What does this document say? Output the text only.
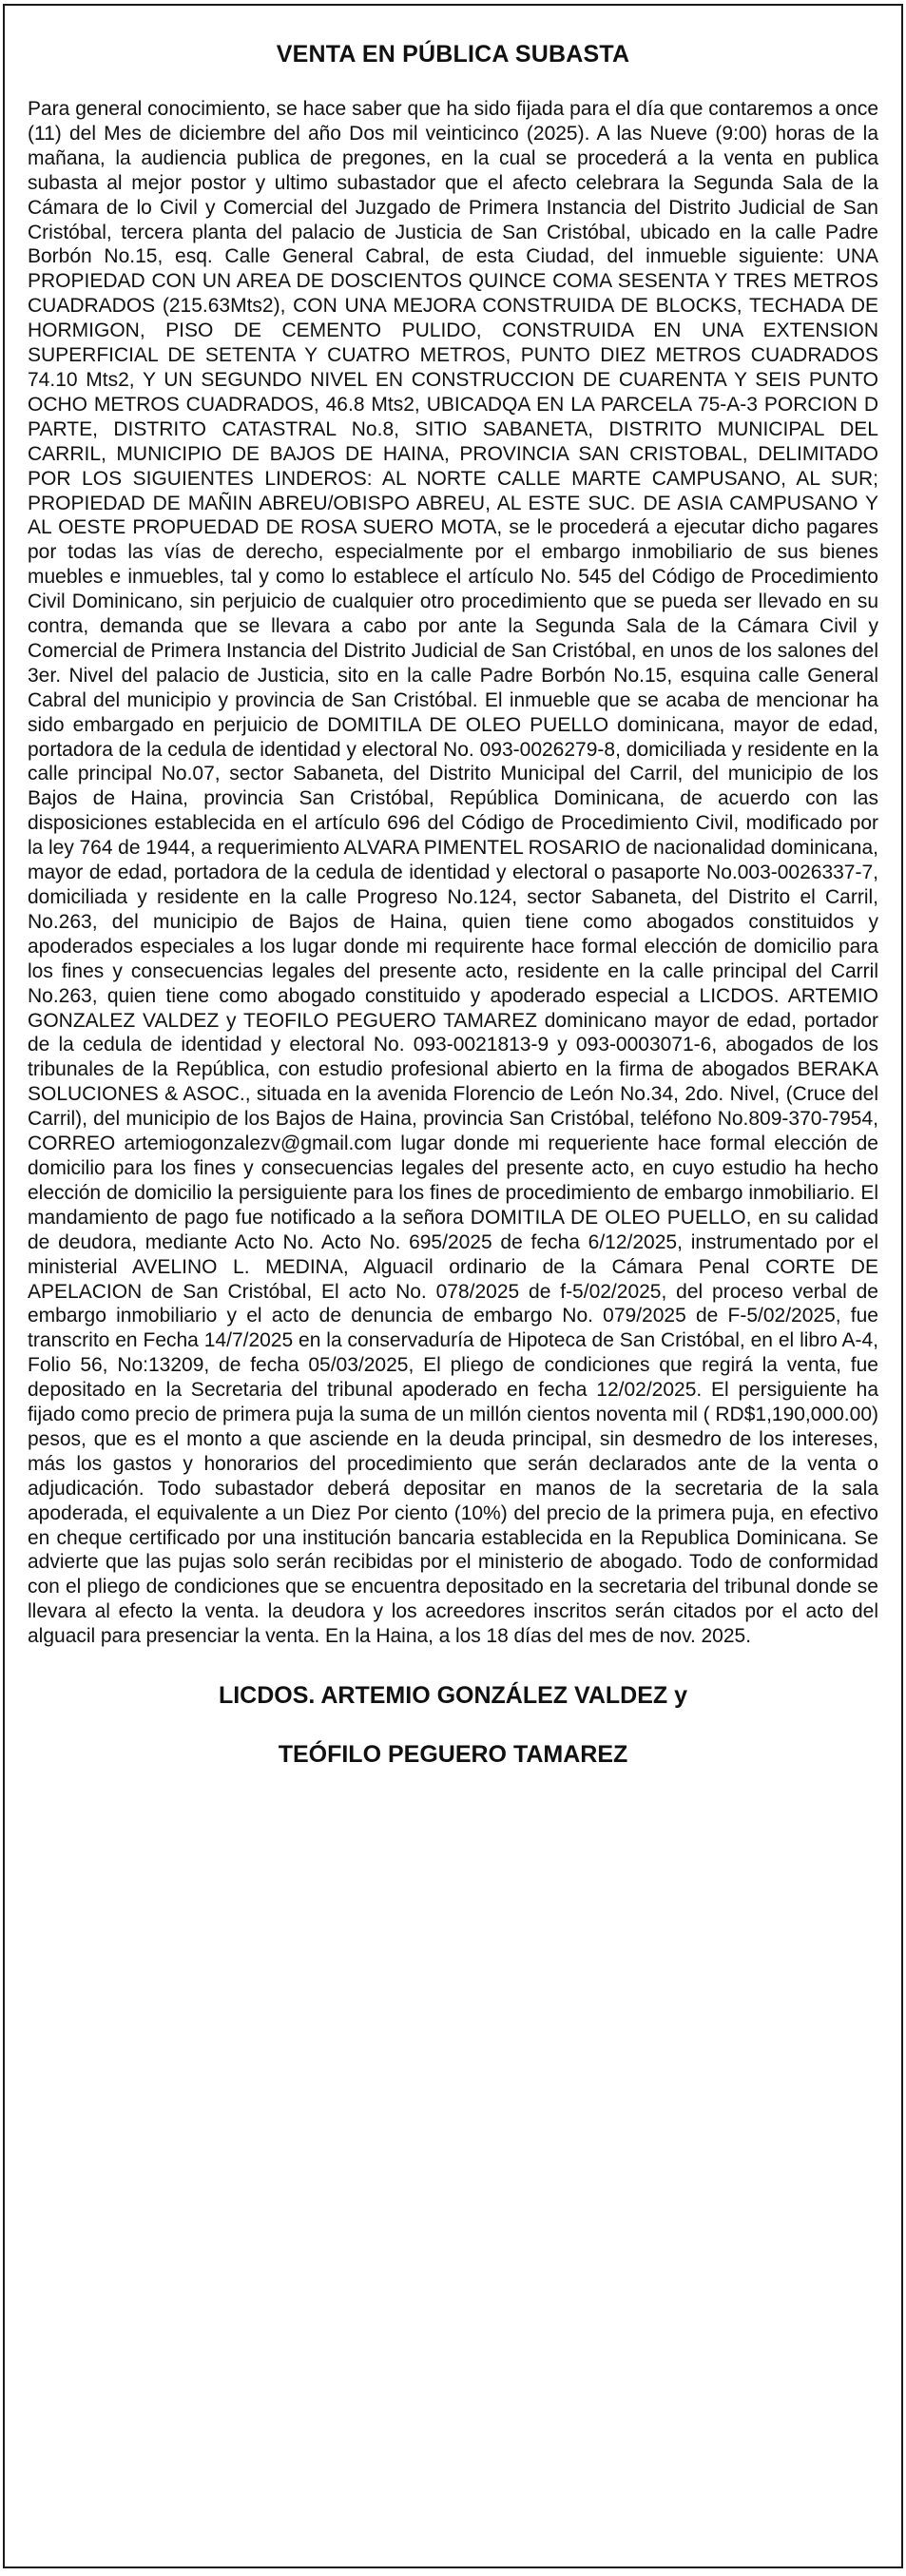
VENTA EN PÚBLICA SUBASTA

Para general conocimiento, se hace saber que ha sido fijada para el día que contaremos a once (11) del Mes de diciembre del año Dos mil veinticinco (2025). A las Nueve (9:00) horas de la mañana, la audiencia publica de pregones, en la cual se procederá a la venta en publica subasta al mejor postor y ultimo subastador que el afecto celebrara la Segunda Sala de la Cámara de lo Civil y Comercial del Juzgado de Primera Instancia del Distrito Judicial de San Cristóbal, tercera planta del palacio de Justicia de San Cristóbal, ubicado en la calle Padre Borbón No.15, esq. Calle General Cabral, de esta Ciudad, del inmueble siguiente: UNA PROPIEDAD CON UN AREA DE DOSCIENTOS QUINCE COMA SESENTA Y TRES METROS CUADRADOS (215.63Mts2), CON UNA MEJORA CONSTRUIDA DE BLOCKS, TECHADA DE HORMIGON, PISO DE CEMENTO PULIDO, CONSTRUIDA EN UNA EXTENSION SUPERFICIAL DE SETENTA Y CUATRO METROS, PUNTO DIEZ METROS CUADRADOS 74.10 Mts2, Y UN SEGUNDO NIVEL EN CONSTRUCCION DE CUARENTA Y SEIS PUNTO OCHO METROS CUADRADOS, 46.8 Mts2, UBICADQA EN LA PARCELA 75-A-3 PORCION D PARTE, DISTRITO CATASTRAL No.8, SITIO SABANETA, DISTRITO MUNICIPAL DEL CARRIL, MUNICIPIO DE BAJOS DE HAINA, PROVINCIA SAN CRISTOBAL, DELIMITADO POR LOS SIGUIENTES LINDEROS: AL NORTE CALLE MARTE CAMPUSANO, AL SUR; PROPIEDAD DE MAÑIN ABREU/OBISPO ABREU, AL ESTE SUC. DE ASIA CAMPUSANO Y AL OESTE PROPUEDAD DE ROSA SUERO MOTA, se le procederá a ejecutar dicho pagares por todas las vías de derecho, especialmente por el embargo inmobiliario de sus bienes muebles e inmuebles, tal y como lo establece el artículo No. 545 del Código de Procedimiento Civil Dominicano, sin perjuicio de cualquier otro procedimiento que se pueda ser llevado en su contra, demanda que se llevara a cabo por ante la Segunda Sala de la Cámara Civil y Comercial de Primera Instancia del Distrito Judicial de San Cristóbal, en unos de los salones del 3er. Nivel del palacio de Justicia, sito en la calle Padre Borbón No.15, esquina calle General Cabral del municipio y provincia de San Cristóbal. El inmueble que se acaba de mencionar ha sido embargado en perjuicio de DOMITILA DE OLEO PUELLO dominicana, mayor de edad, portadora de la cedula de identidad y electoral No. 093-0026279-8, domiciliada y residente en la calle principal No.07, sector Sabaneta, del Distrito Municipal del Carril, del municipio de los Bajos de Haina, provincia San Cristóbal, República Dominicana, de acuerdo con las disposiciones establecida en el artículo 696 del Código de Procedimiento Civil, modificado por la ley 764 de 1944, a requerimiento ALVARA PIMENTEL ROSARIO de nacionalidad dominicana, mayor de edad, portadora de la cedula de identidad y electoral o pasaporte No.003-0026337-7, domiciliada y residente en la calle Progreso No.124, sector Sabaneta, del Distrito el Carril, No.263, del municipio de Bajos de Haina, quien tiene como abogados constituidos y apoderados especiales a los lugar donde mi requirente hace formal elección de domicilio para los fines y consecuencias legales del presente acto, residente en la calle principal del Carril No.263, quien tiene como abogado constituido y apoderado especial a LICDOS. ARTEMIO GONZALEZ VALDEZ y TEOFILO PEGUERO TAMAREZ dominicano mayor de edad, portador de la cedula de identidad y electoral No. 093-0021813-9 y 093-0003071-6, abogados de los tribunales de la República, con estudio profesional abierto en la firma de abogados BERAKA SOLUCIONES & ASOC., situada en la avenida Florencio de León No.34, 2do. Nivel, (Cruce del Carril), del municipio de los Bajos de Haina, provincia San Cristóbal, teléfono No.809-370-7954, CORREO artemiogonzalezv@gmail.com lugar donde mi requeriente hace formal elección de domicilio para los fines y consecuencias legales del presente acto, en cuyo estudio ha hecho elección de domicilio la persiguiente para los fines de procedimiento de embargo inmobiliario. El mandamiento de pago fue notificado a la señora DOMITILA DE OLEO PUELLO, en su calidad de deudora, mediante Acto No. Acto No. 695/2025 de fecha 6/12/2025, instrumentado por el ministerial AVELINO L. MEDINA, Alguacil ordinario de la Cámara Penal CORTE DE APELACION de San Cristóbal, El acto No. 078/2025 de f-5/02/2025, del proceso verbal de embargo inmobiliario y el acto de denuncia de embargo No. 079/2025 de F-5/02/2025, fue transcrito en Fecha 14/7/2025 en la conservaduría de Hipoteca de San Cristóbal, en el libro A-4, Folio 56, No:13209, de fecha 05/03/2025, El pliego de condiciones que regirá la venta, fue depositado en la Secretaria del tribunal apoderado en fecha 12/02/2025. El persiguiente ha fijado como precio de primera puja la suma de un millón cientos noventa mil ( RD$1,190,000.00) pesos, que es el monto a que asciende en la deuda principal, sin desmedro de los intereses, más los gastos y honorarios del procedimiento que serán declarados ante de la venta o adjudicación. Todo subastador deberá depositar en manos de la secretaria de la sala apoderada, el equivalente a un Diez Por ciento (10%) del precio de la primera puja, en efectivo en cheque certificado por una institución bancaria establecida en la Republica Dominicana. Se advierte que las pujas solo serán recibidas por el ministerio de abogado. Todo de conformidad con el pliego de condiciones que se encuentra depositado en la secretaria del tribunal donde se llevara al efecto la venta. la deudora y los acreedores inscritos serán citados por el acto del alguacil para presenciar la venta. En la Haina, a los 18 días del mes de nov. 2025.

LICDOS. ARTEMIO GONZÁLEZ VALDEZ y

TEÓFILO PEGUERO TAMAREZ
